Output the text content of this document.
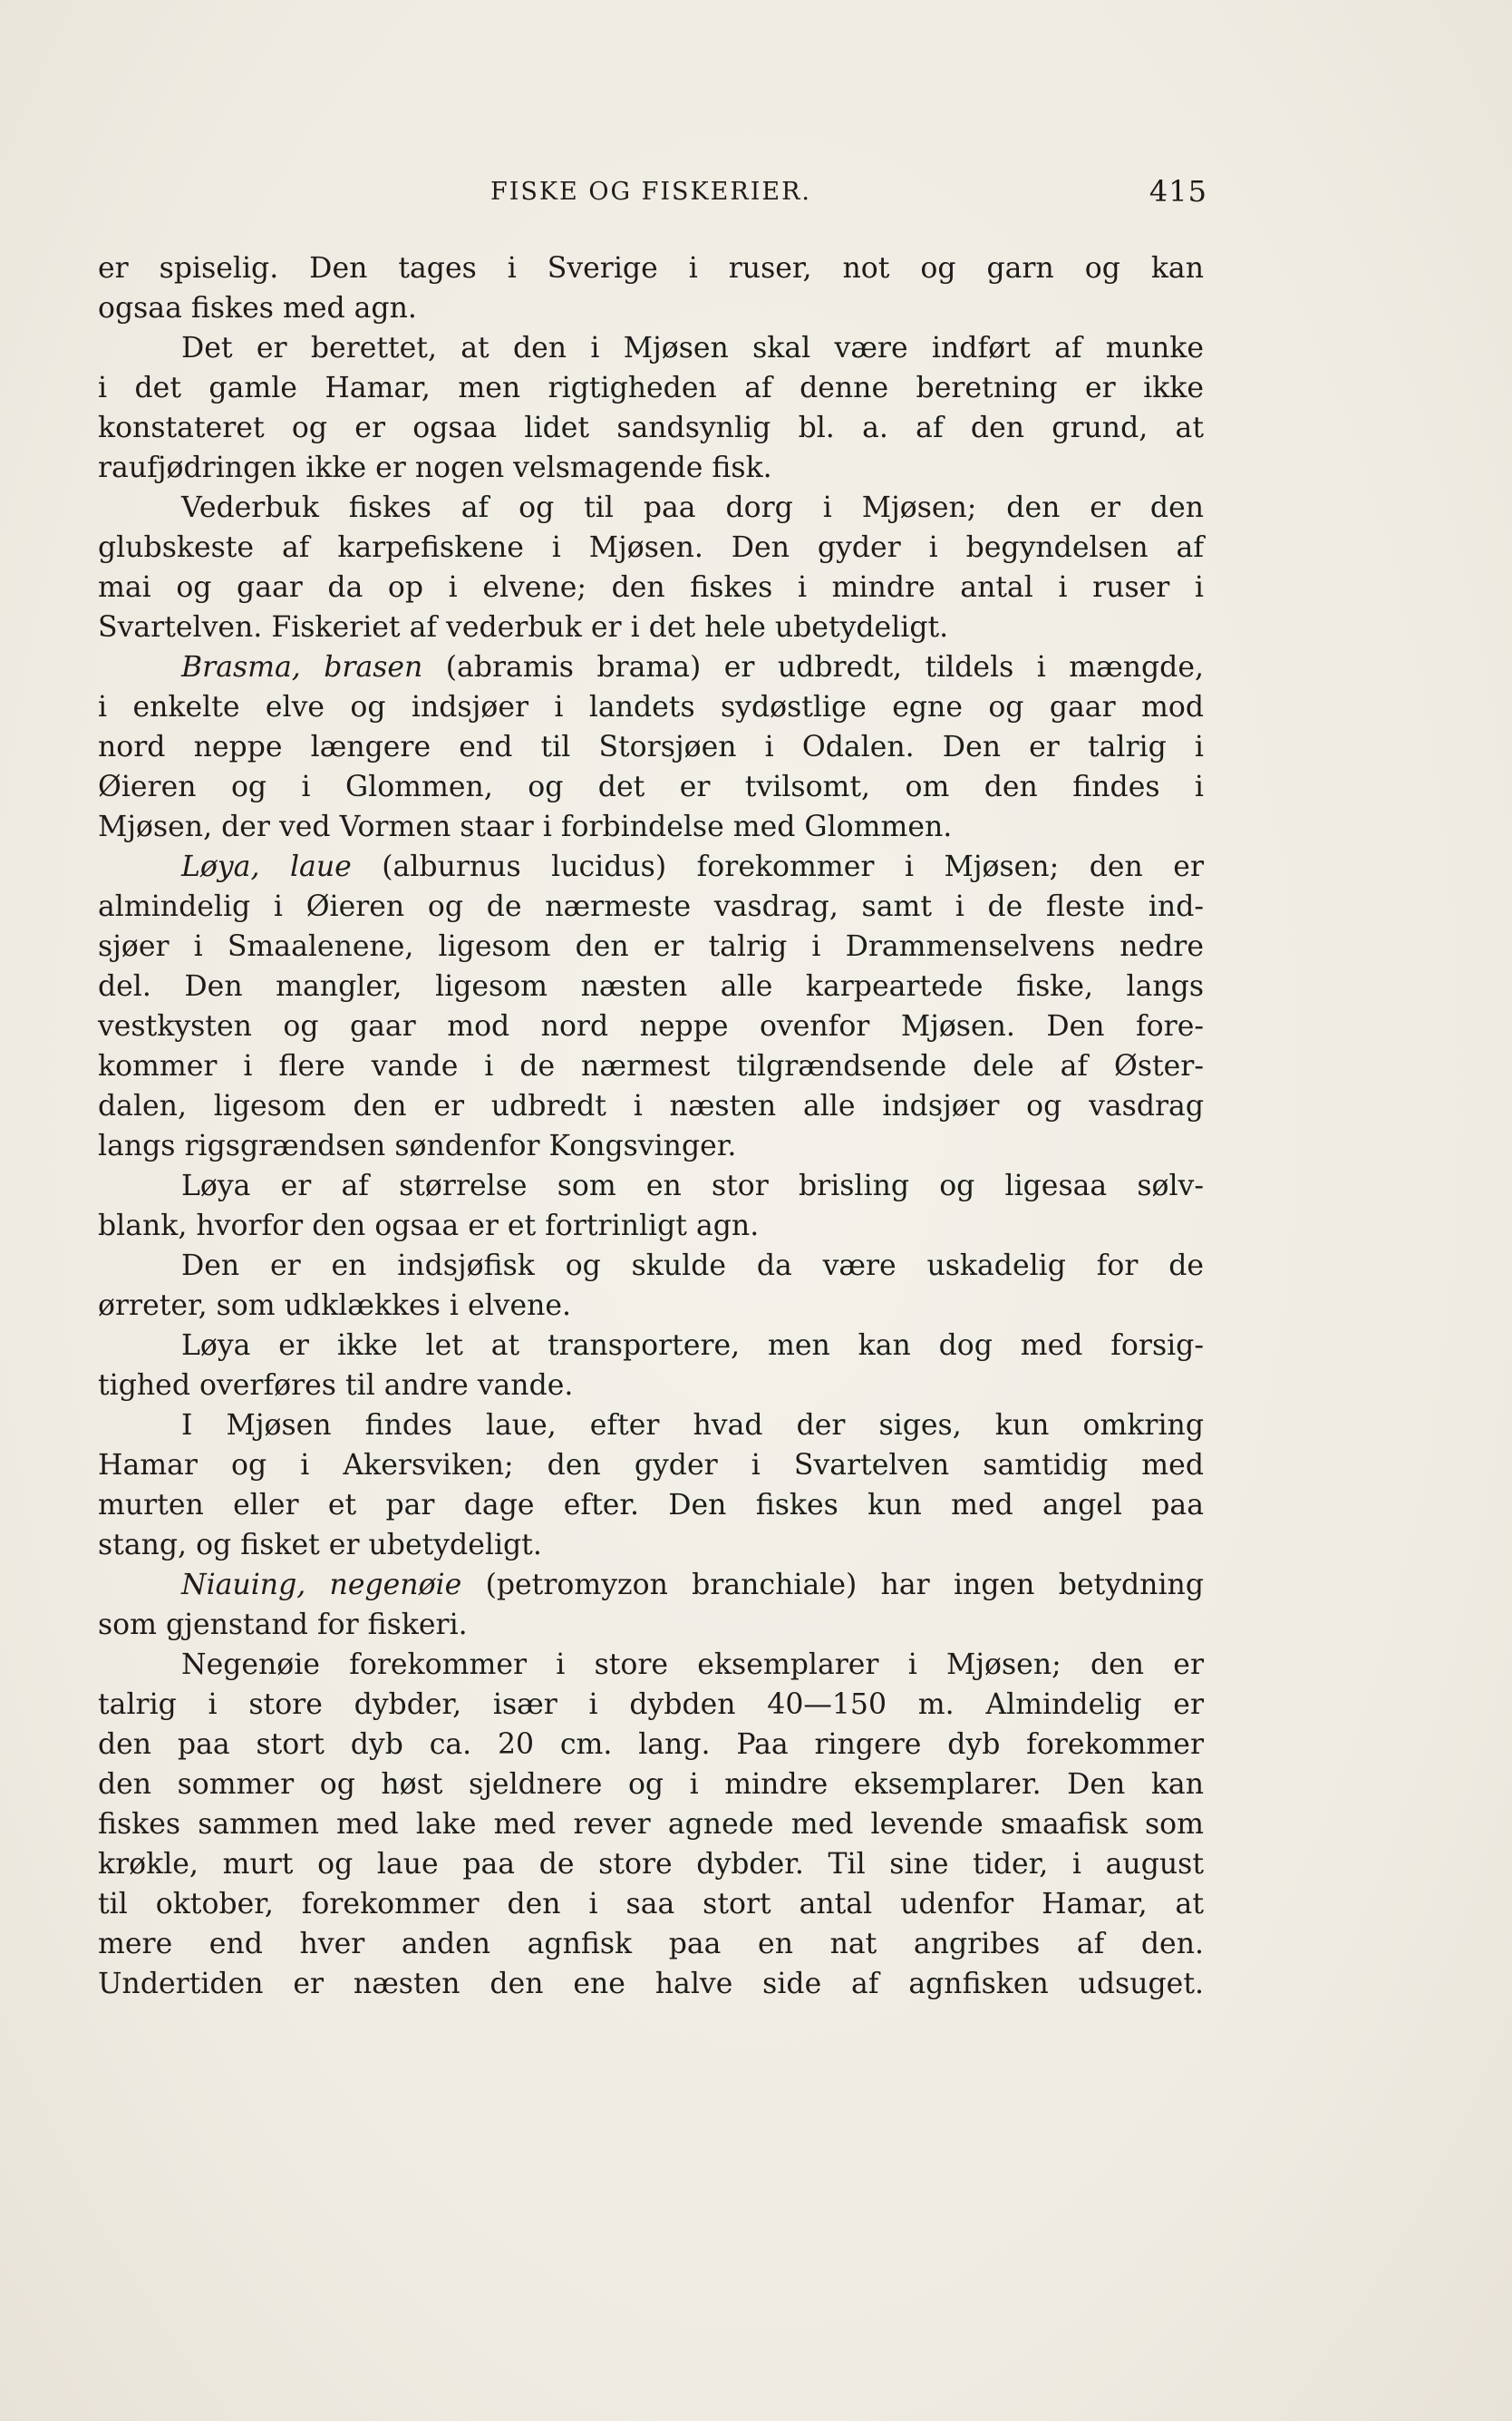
FISKE OG FISKERIER.	415
er spiselig. Den tages i Sverige i ruser, not og garn og kan
ogsaa fiskes med agn.
Det er berettet, at den i Mjøsen skal være indført af munke
i det gamle Hamar, men rigtigheden af denne beretning er ikke
konstateret og er ogsaa lidet sandsynlig bl. a. af den grund, at
raufjødringen ikke er nogen velsmagende fisk.
Vederbuk fiskes af og til paa dorg i Mjøsen; den er den
glubskeste af karpefiskene i Mjøsen. Den gyder i begyndelsen af
mai og gaar da op i elvene; den fiskes i mindre antal i ruser i
Svartelven. Fiskeriet af vederbuk er i det hele ubetydeligt.
Brasma, brasen (abramis brama) er udbredt, tildels i mængde,
i enkelte elve og indsjøer i landets sydøstlige egne og gaar mod
nord neppe længere end til Storsjøen i Odalen. Den er talrig i
Øieren og i Glommen, og det er tvilsomt, om den findes i
Mjøsen, der ved Vormen staar i forbindelse med Glommen.
Løya, laue (alburnus lucidus) forekommer i Mjøsen; den er
almindelig i Øieren og de nærmeste vasdrag, samt i de fleste ind-
sjøer i Smaalenene, ligesom den er talrig i Drammenselvens nedre
del. Den mangler, ligesom næsten alle karpeartede fiske, langs
vestkysten og gaar mod nord neppe ovenfor Mjøsen. Den fore-
kommer i flere vande i de nærmest tilgrændsende dele af Øster-
dalen, ligesom den er udbredt i næsten alle indsjøer og vasdrag
langs rigsgrændsen søndenfor Kongsvinger.
Løya er af størrelse som en stor brisling og ligesaa sølv-
blank, hvorfor den ogsaa er et fortrinligt agn.
Den er en indsjøfisk og skulde da være uskadelig for de
ørreter, som udklækkes i elvene.
Løya er ikke let at transportere, men kan dog med forsig-
tighed overføres til andre vande.
I Mjøsen findes laue, efter hvad der siges, kun omkring
Hamar og i Akersviken; den gyder i Svartelven samtidig med
murten eller et par dage efter. Den fiskes kun med angel paa
stang, og fisket er ubetydeligt.
Niauing, negenøie (petromyzon branchiale) har ingen betydning
som gjenstand for fiskeri.
Negenøie forekommer i store eksemplarer i Mjøsen; den er
talrig i store dybder, især i dybden 40—150 m. Almindelig er
den paa stort dyb ca. 20 cm. lang. Paa ringere dyb forekommer
den sommer og høst sjeldnere og i mindre eksemplarer. Den kan
fiskes sammen med lake med rever agnede med levende smaafisk som
krøkle, murt og laue paa de store dybder. Til sine tider, i august
til oktober, forekommer den i saa stort antal udenfor Hamar, at
mere end hver anden agnfisk paa en nat angribes af den.
Undertiden er næsten den ene halve side af agnfisken udsuget.
